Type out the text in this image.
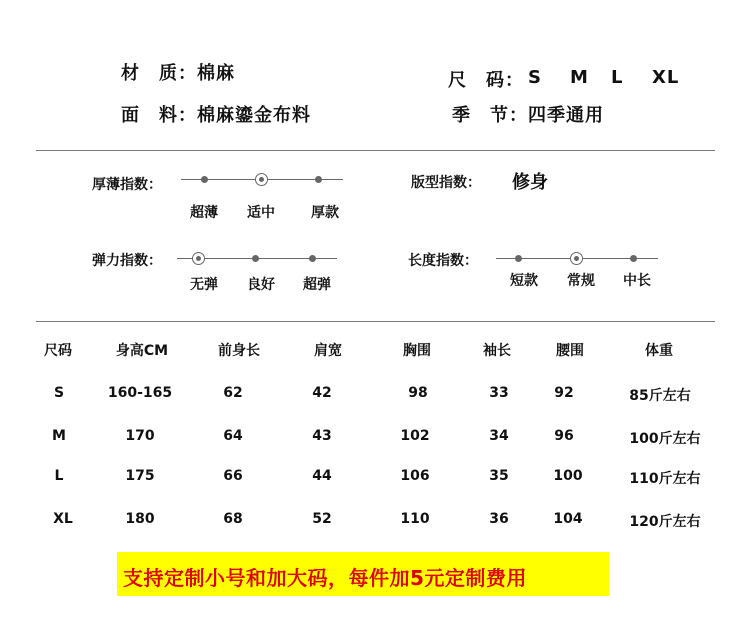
材　质：棉麻
面　料：棉麻鎏金布料
尺　码： S M L XL
季　节：四季通用
厚薄指数：
超薄 适中	厚款
版型指数： 修身
弹力指数：
无弹 良好 超弹
长度指数：
短款 常规 中长
尺码	身高CM	前身长	肩宽	胸围	袖长	腰围	体重
S	160-165	62	42	98	33	92	85斤左右
M	170	64	43	102	34	96	100斤左右
L	175	66	44	106	35	100	110斤左右
XL	180	68	52	110	36	104	120斤左右
支持定制小号和加大码，每件加5元定制费用
